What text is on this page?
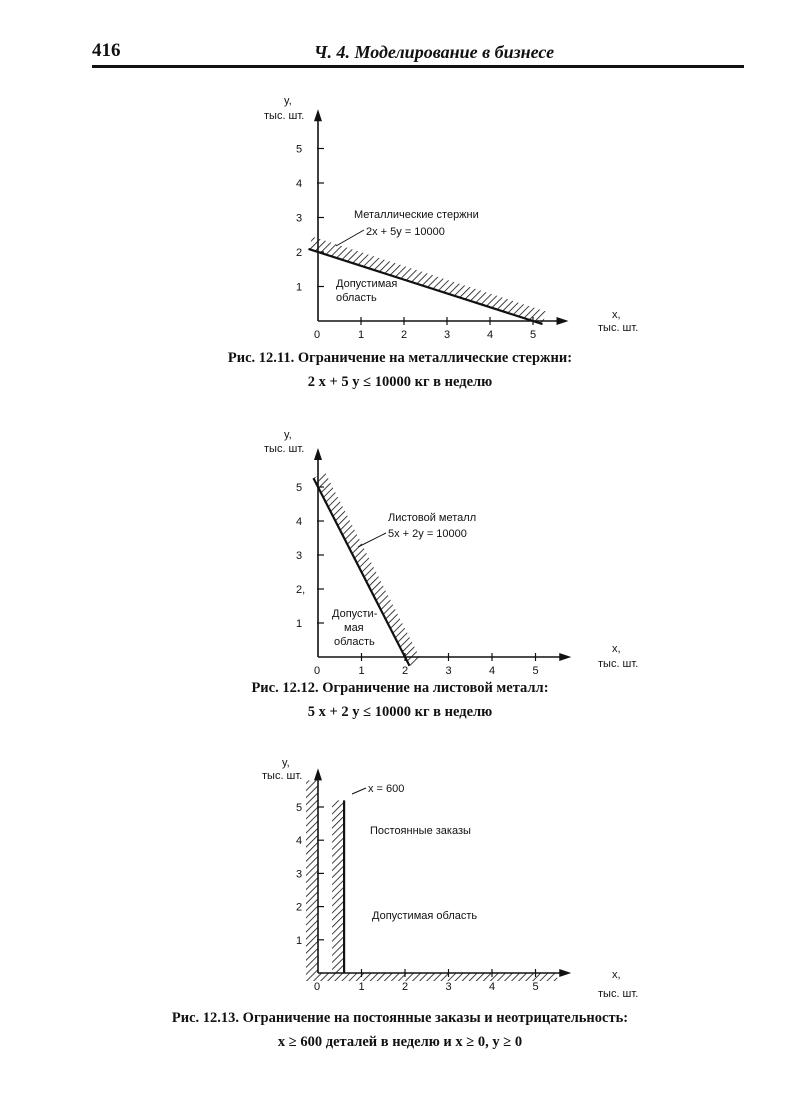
416	Ч. 4. Моделирование в бизнесе
y,
тыс. шт.
x,
тыс. шт.
0	1	2	3	4	5
1
2
3
4
5
Металлические стержни
2x + 5y = 10000
Допустимая
область
Рис. 12.11. Ограничение на металлические стержни:
2 x + 5 y ≤ 10000 кг в неделю
y,
тыс. шт.
x,
тыс. шт.
0	1	2	3	4	5
1
2,
3
4
5
Листовой металл
5x + 2y = 10000
Допусти-
мая
область
Рис. 12.12. Ограничение на листовой металл:
5 x + 2 y ≤ 10000 кг в неделю
y,
тыс. шт.
x,
тыс. шт.
0	1	2	3	4	5
1
2
3
4
5
x = 600
Постоянные заказы
Допустимая область
Рис. 12.13. Ограничение на постоянные заказы и неотрицательность:
x ≥ 600 деталей в неделю и x ≥ 0, y ≥ 0
